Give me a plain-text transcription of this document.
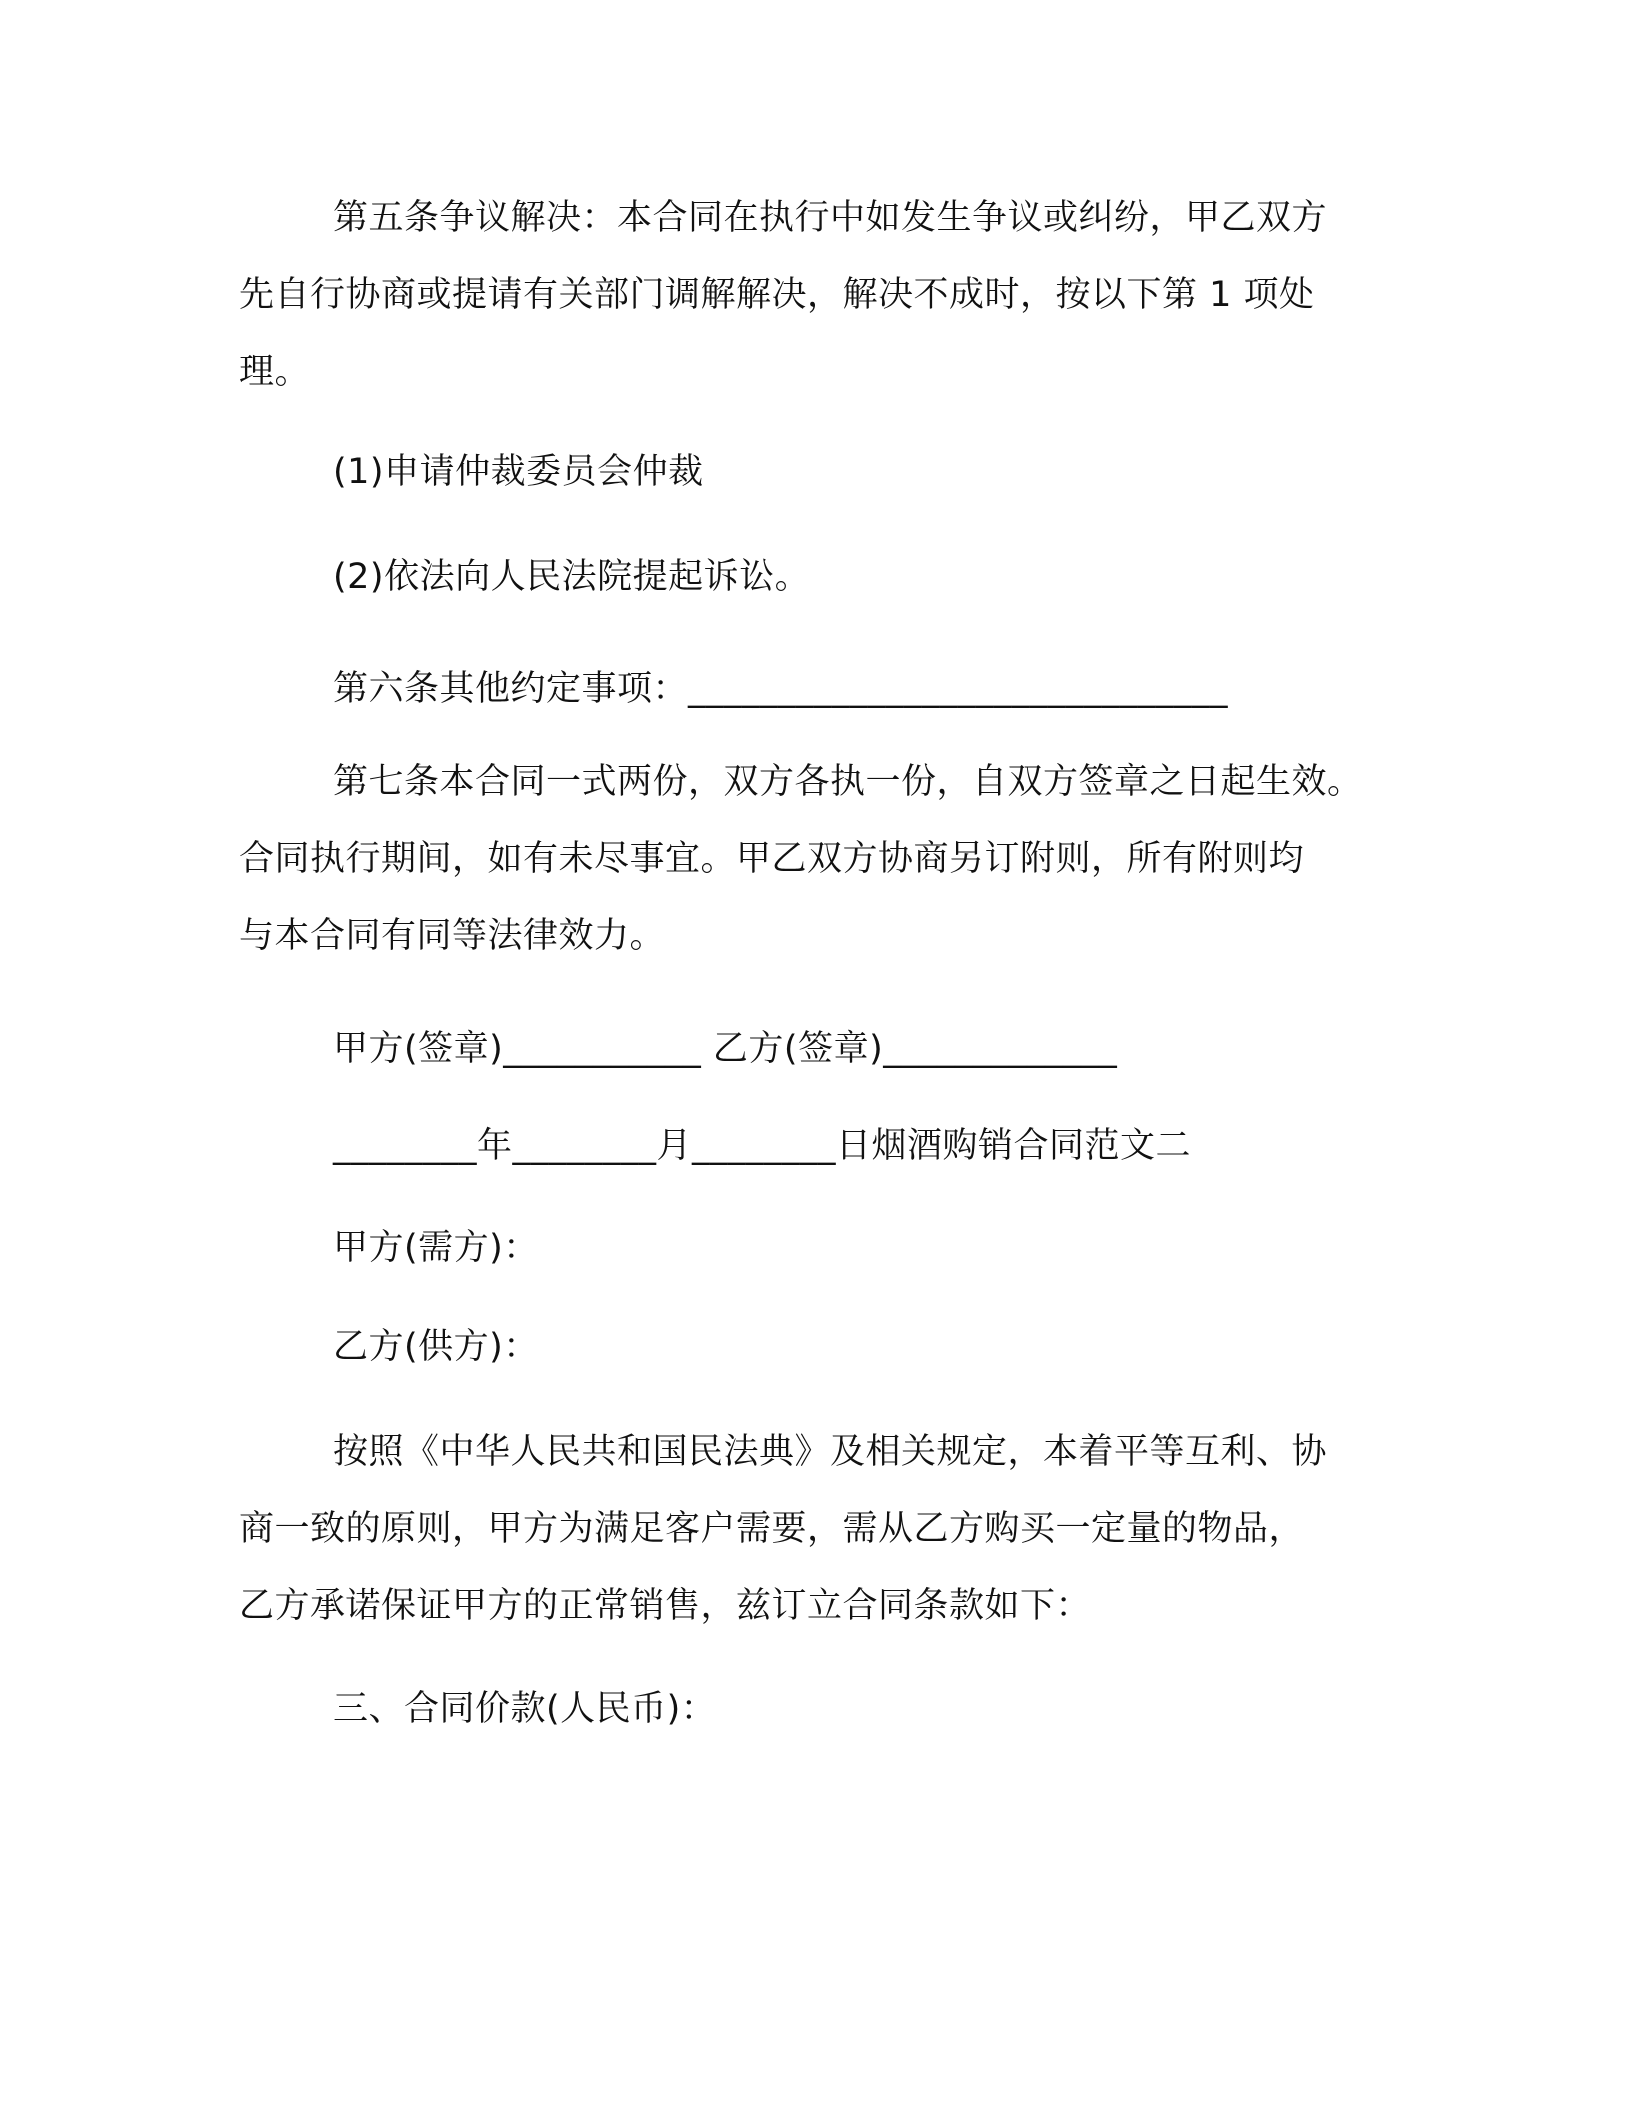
第五条争议解决：本合同在执行中如发生争议或纠纷，甲乙双方
先自行协商或提请有关部门调解解决，解决不成时，按以下第 1 项处
理。
(1)申请仲裁委员会仲裁
(2)依法向人民法院提起诉讼。
第六条其他约定事项：______________________________
第七条本合同一式两份，双方各执一份，自双方签章之日起生效。
合同执行期间，如有未尽事宜。甲乙双方协商另订附则，所有附则均
与本合同有同等法律效力。
甲方(签章)___________ 乙方(签章)_____________
________年________月________日烟酒购销合同范文二
甲方(需方)：
乙方(供方)：
按照《中华人民共和国民法典》及相关规定，本着平等互利、协
商一致的原则，甲方为满足客户需要，需从乙方购买一定量的物品，
乙方承诺保证甲方的正常销售，兹订立合同条款如下：
三、合同价款(人民币)：
